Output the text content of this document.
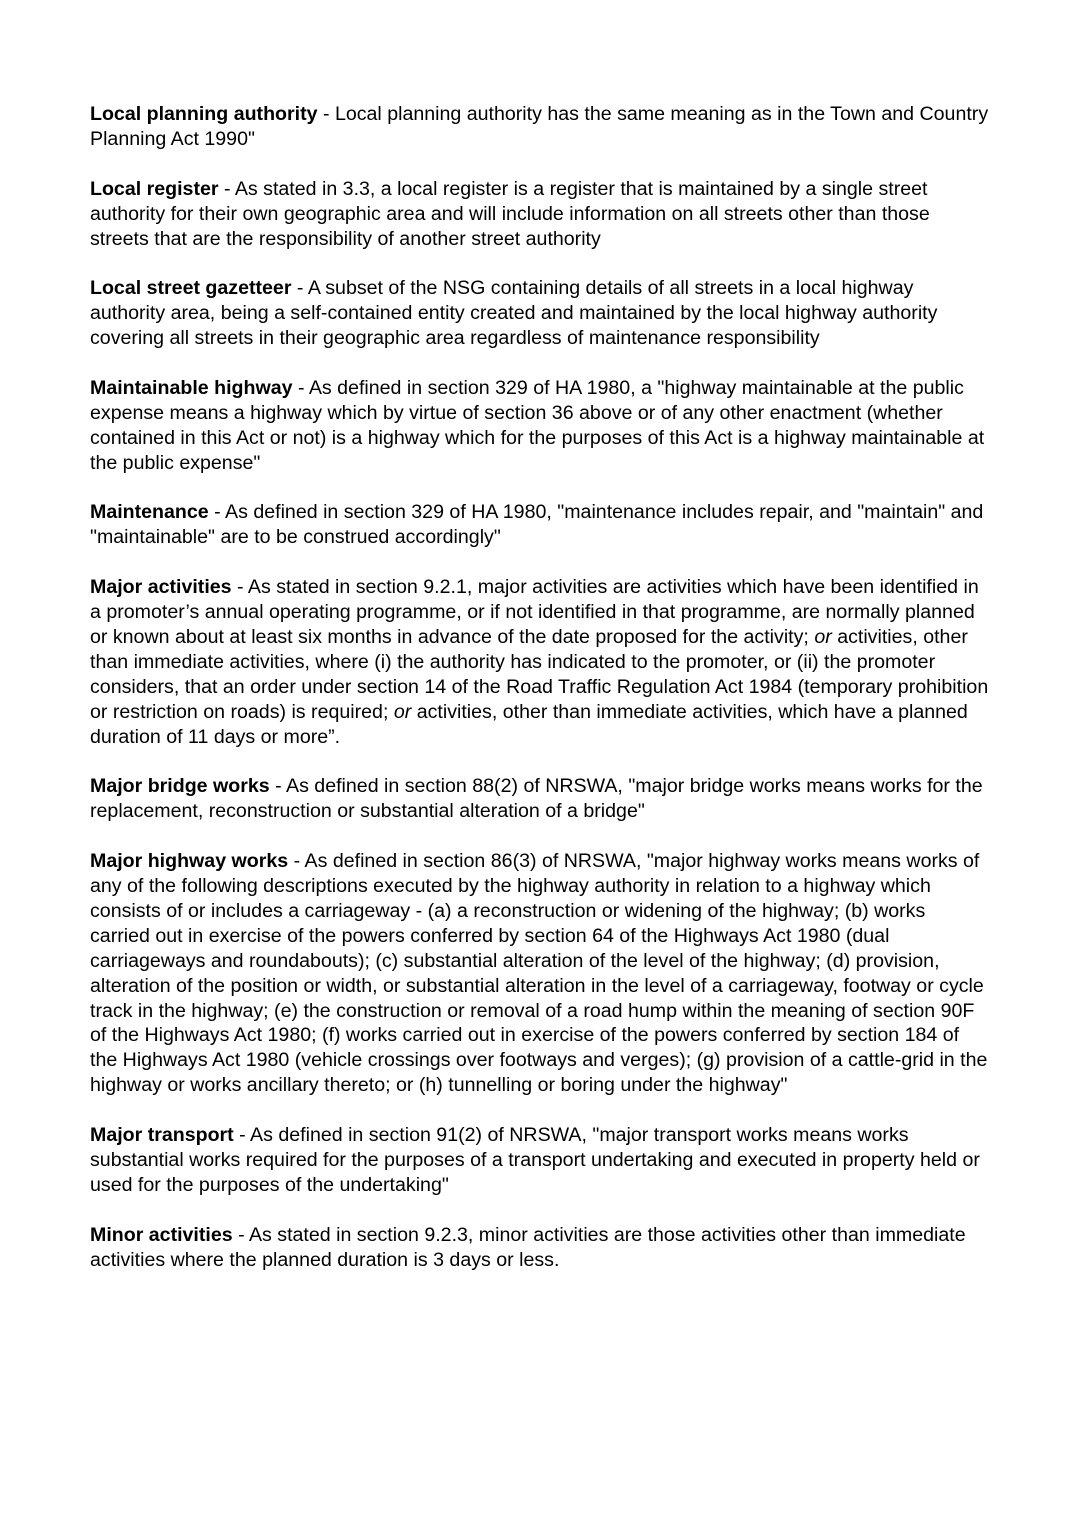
Local planning authority - Local planning authority has the same meaning as in the Town and Country Planning Act 1990"

Local register - As stated in 3.3, a local register is a register that is maintained by a single street authority for their own geographic area and will include information on all streets other than those streets that are the responsibility of another street authority

Local street gazetteer - A subset of the NSG containing details of all streets in a local highway authority area, being a self-contained entity created and maintained by the local highway authority covering all streets in their geographic area regardless of maintenance responsibility

Maintainable highway - As defined in section 329 of HA 1980, a "highway maintainable at the public expense means a highway which by virtue of section 36 above or of any other enactment (whether contained in this Act or not) is a highway which for the purposes of this Act is a highway maintainable at the public expense"

Maintenance - As defined in section 329 of HA 1980, "maintenance includes repair, and "maintain" and "maintainable" are to be construed accordingly"

Major activities - As stated in section 9.2.1, major activities are activities which have been identified in a promoter’s annual operating programme, or if not identified in that programme, are normally planned or known about at least six months in advance of the date proposed for the activity; or activities, other than immediate activities, where (i) the authority has indicated to the promoter, or (ii) the promoter considers, that an order under section 14 of the Road Traffic Regulation Act 1984 (temporary prohibition or restriction on roads) is required; or activities, other than immediate activities, which have a planned duration of 11 days or more”.

Major bridge works - As defined in section 88(2) of NRSWA, "major bridge works means works for the replacement, reconstruction or substantial alteration of a bridge"

Major highway works - As defined in section 86(3) of NRSWA, "major highway works means works of any of the following descriptions executed by the highway authority in relation to a highway which consists of or includes a carriageway - (a) a reconstruction or widening of the highway; (b) works carried out in exercise of the powers conferred by section 64 of the Highways Act 1980 (dual carriageways and roundabouts); (c) substantial alteration of the level of the highway; (d) provision, alteration of the position or width, or substantial alteration in the level of a carriageway, footway or cycle track in the highway; (e) the construction or removal of a road hump within the meaning of section 90F of the Highways Act 1980; (f) works carried out in exercise of the powers conferred by section 184 of the Highways Act 1980 (vehicle crossings over footways and verges); (g) provision of a cattle-grid in the highway or works ancillary thereto; or (h) tunnelling or boring under the highway"

Major transport - As defined in section 91(2) of NRSWA, "major transport works means works substantial works required for the purposes of a transport undertaking and executed in property held or used for the purposes of the undertaking"

Minor activities - As stated in section 9.2.3, minor activities are those activities other than immediate activities where the planned duration is 3 days or less.
